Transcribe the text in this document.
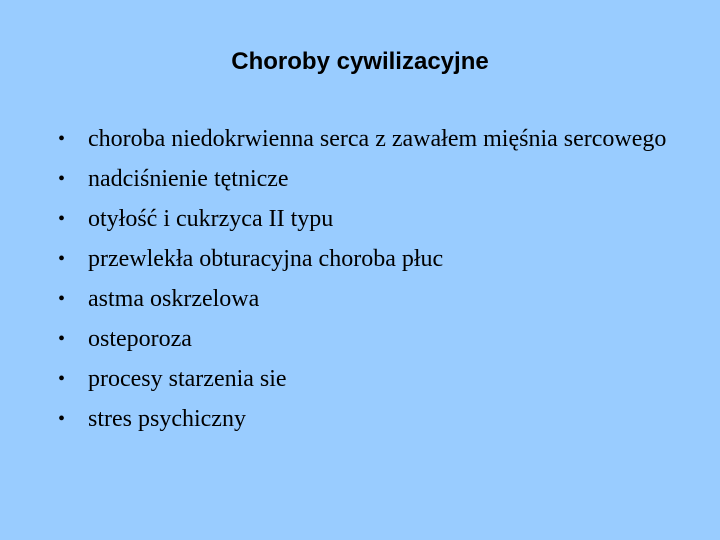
Choroby cywilizacyjne
• choroba niedokrwienna serca z zawałem mięśnia sercowego
• nadciśnienie tętnicze
• otyłość i cukrzyca II typu
• przewlekła obturacyjna choroba płuc
• astma oskrzelowa
• osteporoza
• procesy starzenia sie
• stres psychiczny
